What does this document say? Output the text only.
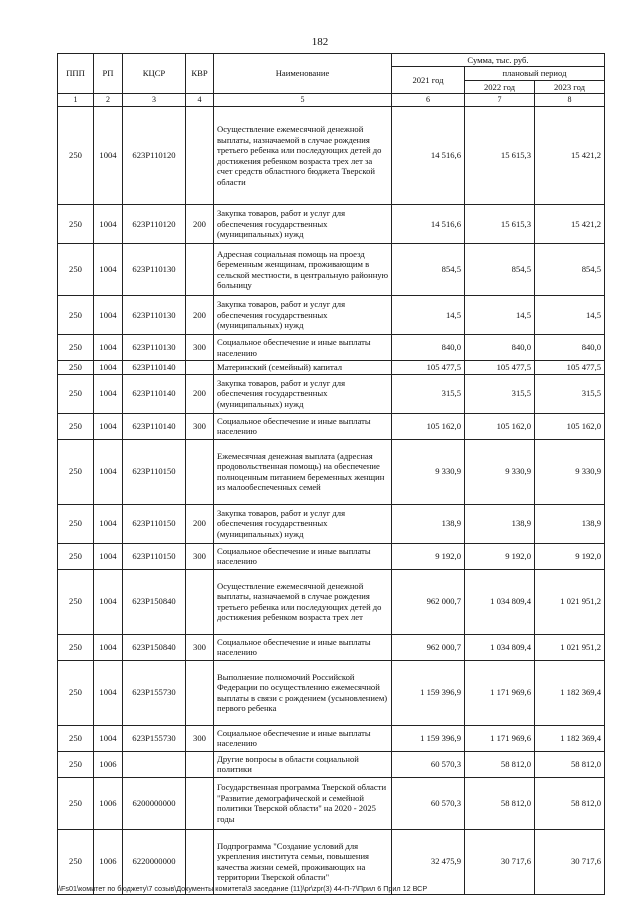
182
ППП	РП	КЦСР	КВР	Наименование	Сумма, тыс. руб.		
					2021 год	плановый период	
						2022 год	2023 год
1	2	3	4	5	6	7	8
250	1004	623P110120		Осуществление ежемесячной денежной выплаты, назначаемой в случае рождения третьего ребенка или последующих детей до достижения ребенком возраста трех лет за счет средств областного бюджета Тверской области	14 516,6	15 615,3	15 421,2
250	1004	623P110120	200	Закупка товаров, работ и услуг для обеспечения государственных (муниципальных) нужд	14 516,6	15 615,3	15 421,2
250	1004	623P110130		Адресная социальная помощь на проезд беременным женщинам, проживающим в сельской местности, в центральную районную больницу	854,5	854,5	854,5
250	1004	623P110130	200	Закупка товаров, работ и услуг для обеспечения государственных (муниципальных) нужд	14,5	14,5	14,5
250	1004	623P110130	300	Социальное обеспечение и иные выплаты населению	840,0	840,0	840,0
250	1004	623P110140		Материнский (семейный) капитал	105 477,5	105 477,5	105 477,5
250	1004	623P110140	200	Закупка товаров, работ и услуг для обеспечения государственных (муниципальных) нужд	315,5	315,5	315,5
250	1004	623P110140	300	Социальное обеспечение и иные выплаты населению	105 162,0	105 162,0	105 162,0
250	1004	623P110150		Ежемесячная денежная выплата (адресная продовольственная помощь) на обеспечение полноценным питанием беременных женщин из малообеспеченных семей	9 330,9	9 330,9	9 330,9
250	1004	623P110150	200	Закупка товаров, работ и услуг для обеспечения государственных (муниципальных) нужд	138,9	138,9	138,9
250	1004	623P110150	300	Социальное обеспечение и иные выплаты населению	9 192,0	9 192,0	9 192,0
250	1004	623P150840		Осуществление ежемесячной денежной выплаты, назначаемой в случае рождения третьего ребенка или последующих детей до достижения ребенком возраста трех лет	962 000,7	1 034 809,4	1 021 951,2
250	1004	623P150840	300	Социальное обеспечение и иные выплаты населению	962 000,7	1 034 809,4	1 021 951,2
250	1004	623P155730		Выполнение полномочий Российской Федерации по осуществлению ежемесячной выплаты в связи с рождением (усыновлением) первого ребенка	1 159 396,9	1 171 969,6	1 182 369,4
250	1004	623P155730	300	Социальное обеспечение и иные выплаты населению	1 159 396,9	1 171 969,6	1 182 369,4
250	1006			Другие вопросы в области социальной политики	60 570,3	58 812,0	58 812,0
250	1006	6200000000		Государственная программа Тверской области "Развитие демографической и семейной политики Тверской области" на 2020 - 2025 годы	60 570,3	58 812,0	58 812,0
250	1006	6220000000		Подпрограмма "Создание условий для укрепления института семьи, повышения качества жизни семей, проживающих на территории Тверской области"	32 475,9	30 717,6	30 717,6
\\Fs01\комитет по бюджету\7 созыв\Документы комитета\3 заседание (11)\pr\zpr(3) 44-П-7\Прил 6 Прил 12 ВСР
